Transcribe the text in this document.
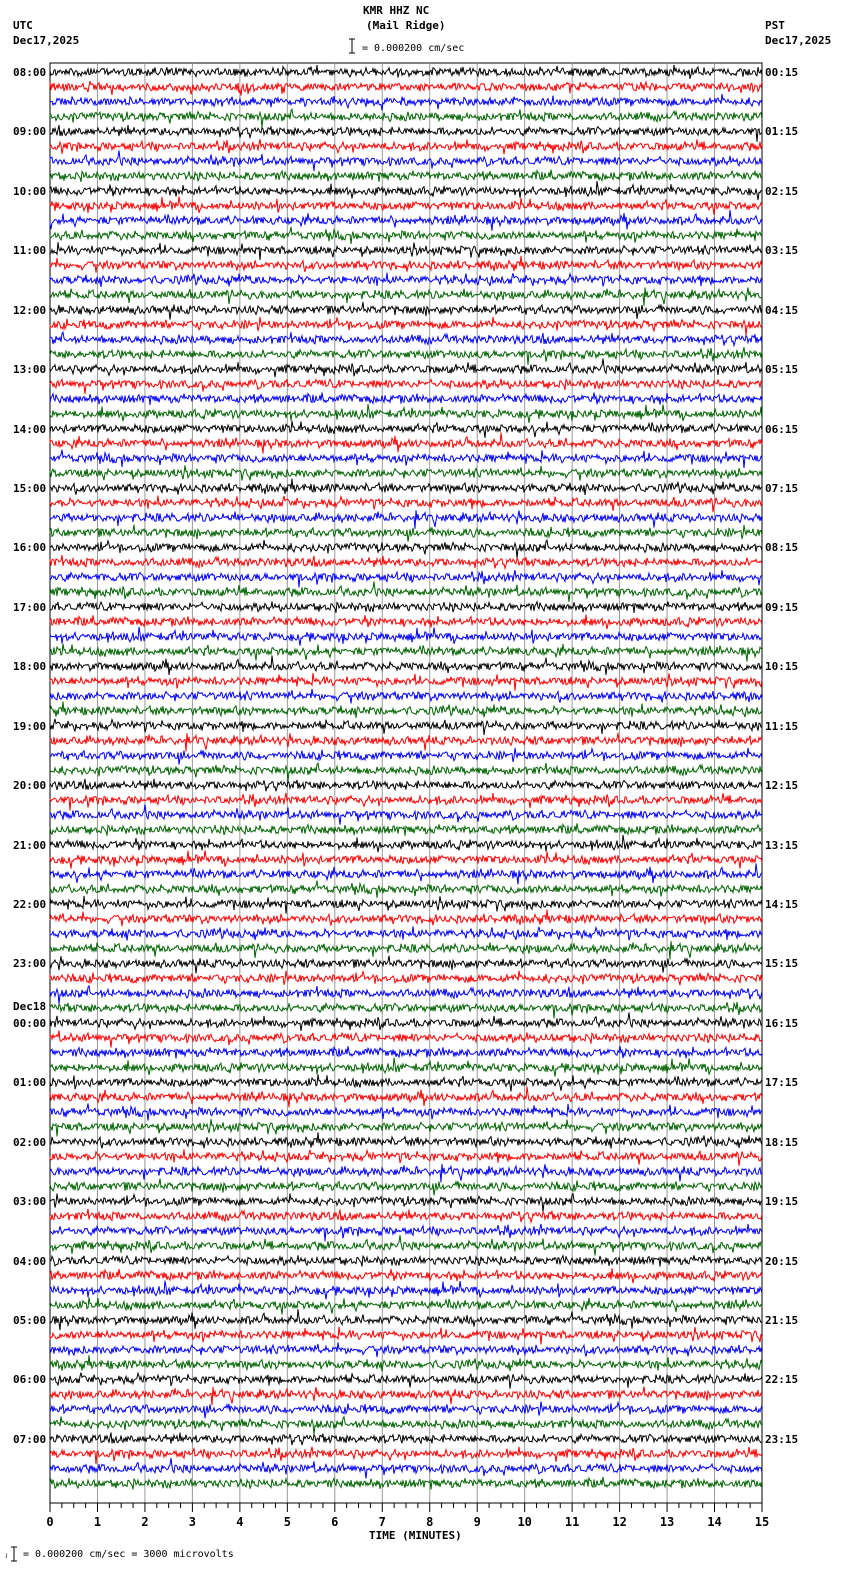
0	1	2	3	4	5	6	7	8	9	10	11	12	13	14	15
KMR HHZ NC
(Mail Ridge)
UTC
Dec17,2025
PST
Dec17,2025
= 0.000200 cm/sec
TIME (MINUTES)
ⱼ = 0.000200 cm/sec = 3000 microvolts
Dec18
08:00
09:00
10:00
11:00
12:00
13:00
14:00
15:00
16:00
17:00
18:00
19:00
20:00
21:00
22:00
23:00
00:00
01:00
02:00
03:00
04:00
05:00
06:00
07:00
00:15
01:15
02:15
03:15
04:15
05:15
06:15
07:15
08:15
09:15
10:15
11:15
12:15
13:15
14:15
15:15
16:15
17:15
18:15
19:15
20:15
21:15
22:15
23:15
